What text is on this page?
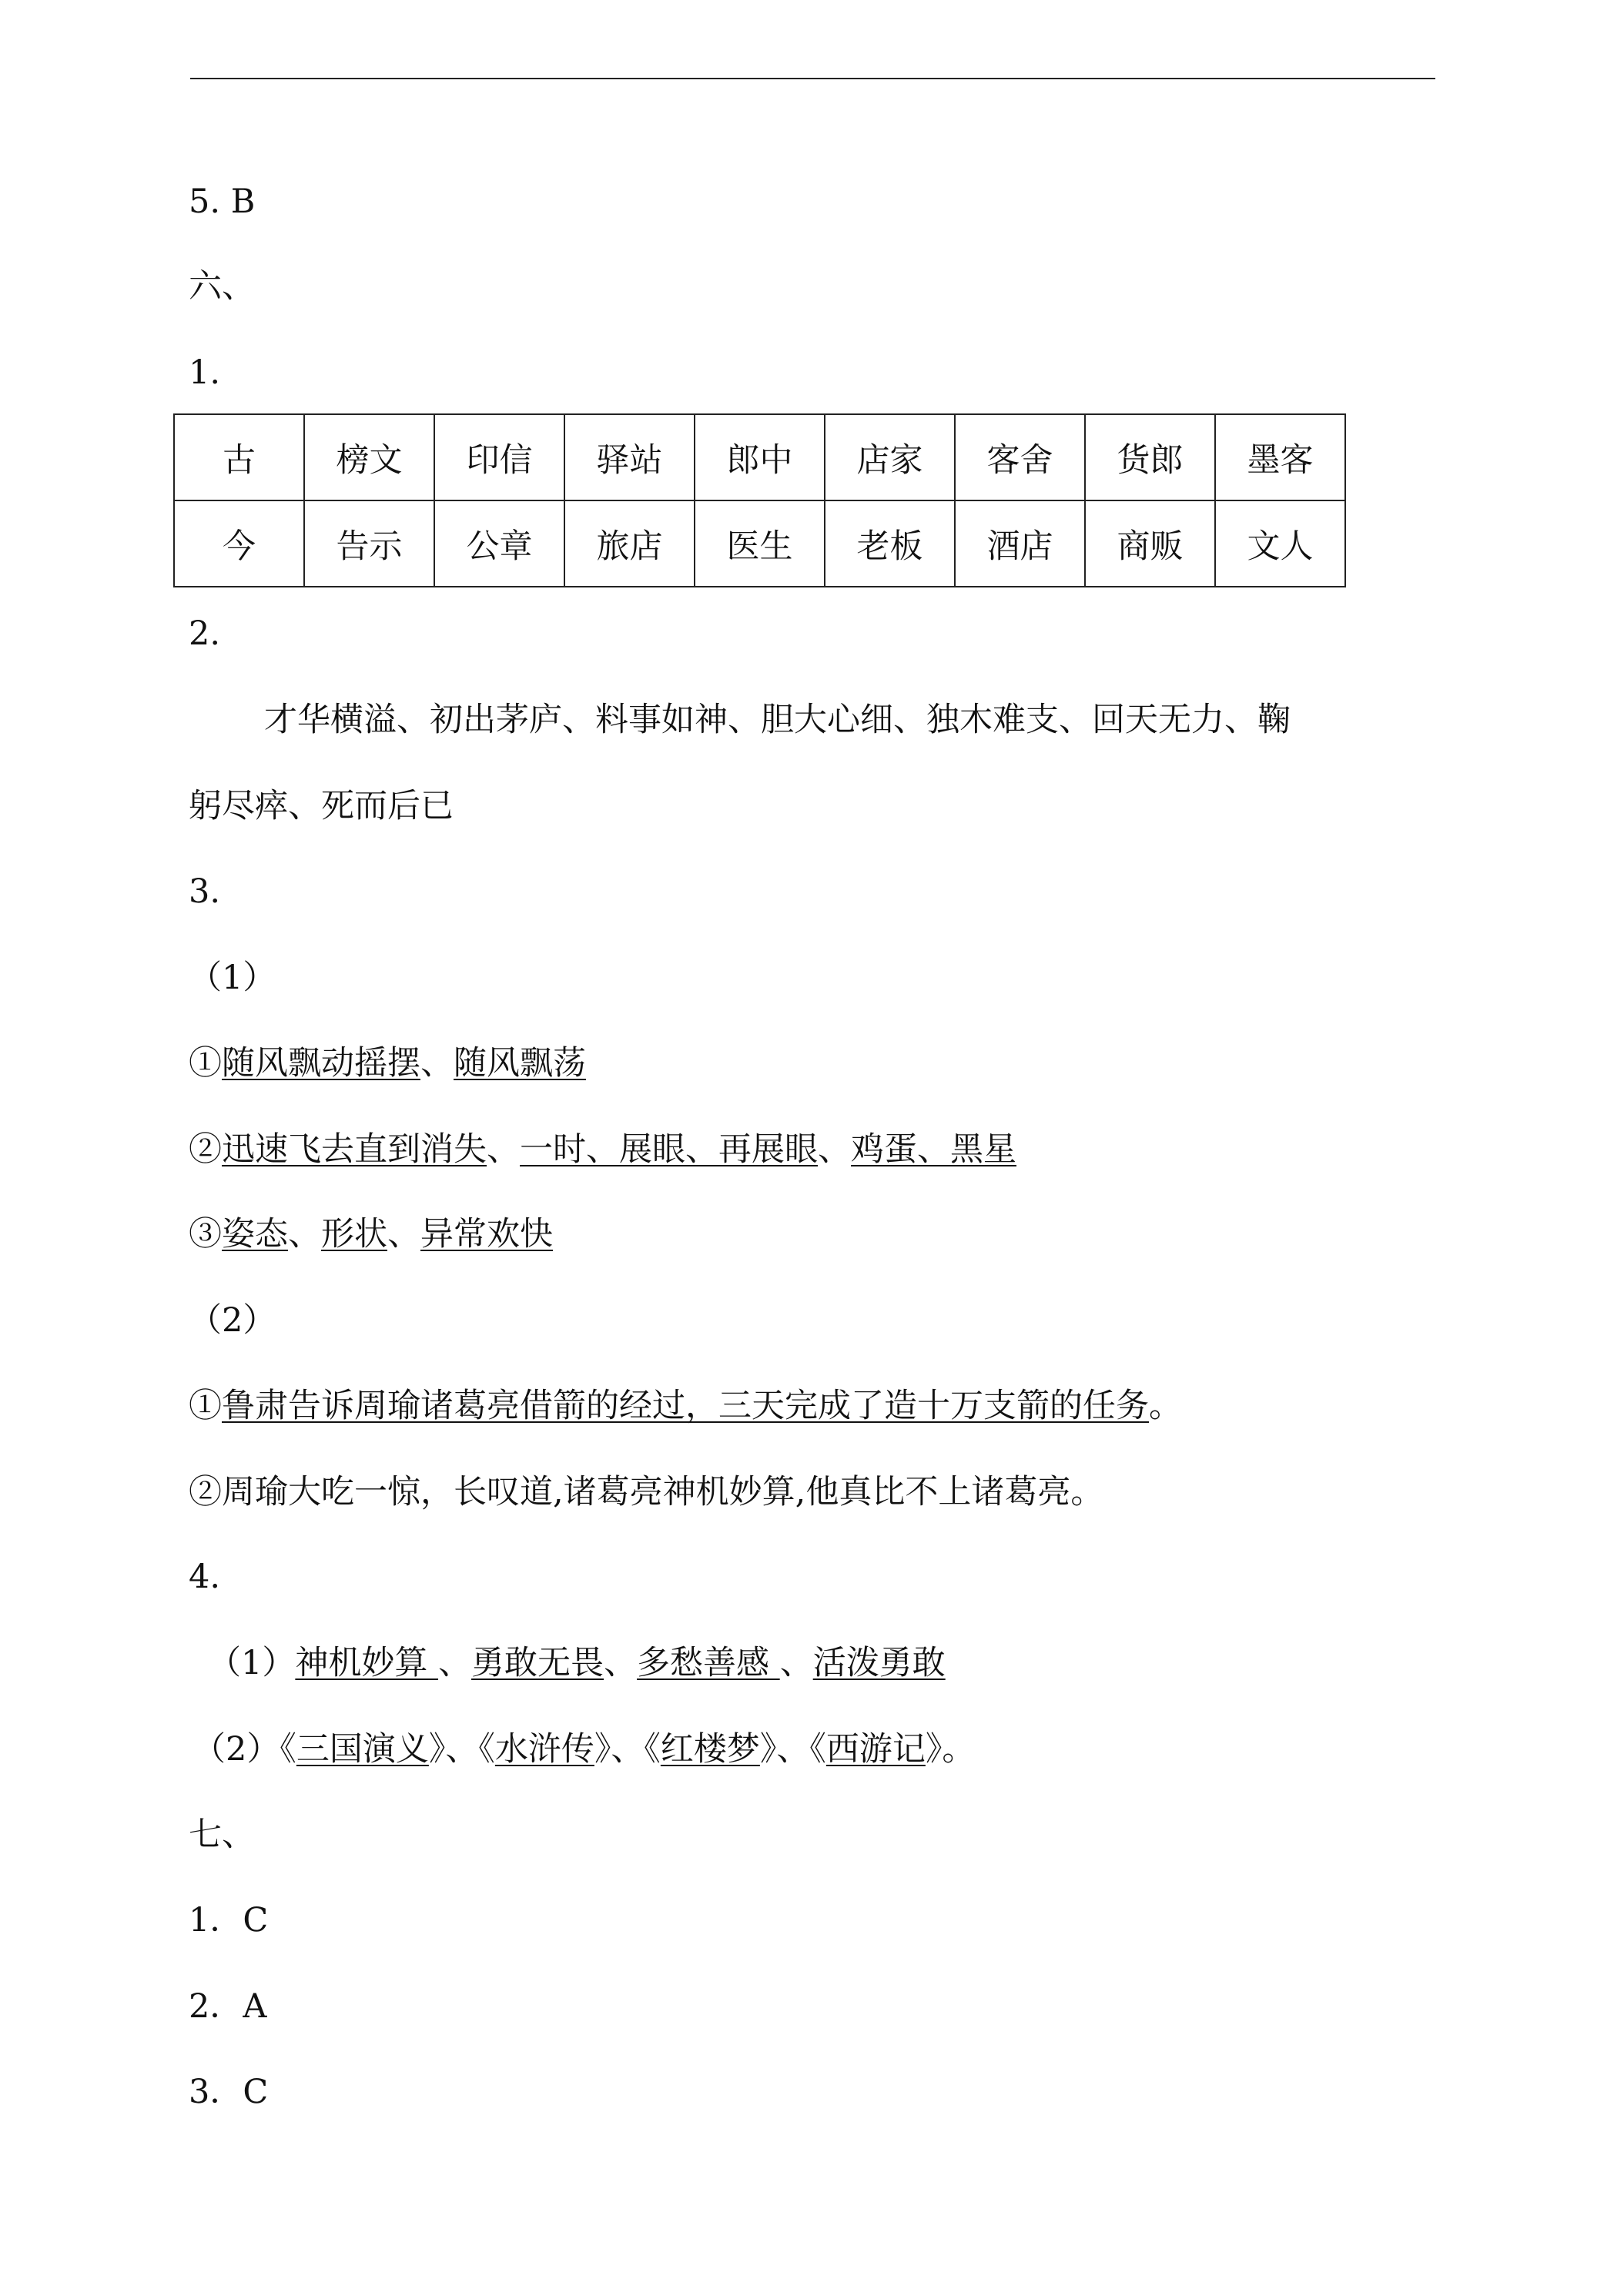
5. B
六、
1.
古	榜文	印信	驿站	郎中	店家	客舍	货郎	墨客
今	告示	公章	旅店	医生	老板	酒店	商贩	文人
2.
才华横溢、初出茅庐、料事如神、胆大心细、独木难支、回天无力、鞠
躬尽瘁、死而后已
3.
（1）
①随风飘动摇摆、随风飘荡
②迅速飞去直到消失、一时、展眼、再展眼、鸡蛋、黑星
③姿态、形状、异常欢快
（2）
①鲁肃告诉周瑜诸葛亮借箭的经过，三天完成了造十万支箭的任务。
②周瑜大吃一惊，长叹道,诸葛亮神机妙算,他真比不上诸葛亮。
4.
（1）神机妙算 、勇敢无畏、多愁善感 、活泼勇敢
（2）《三国演义》、《水浒传》、《红楼梦》、《西游记》。
七、
1．C
2．A
3．C
